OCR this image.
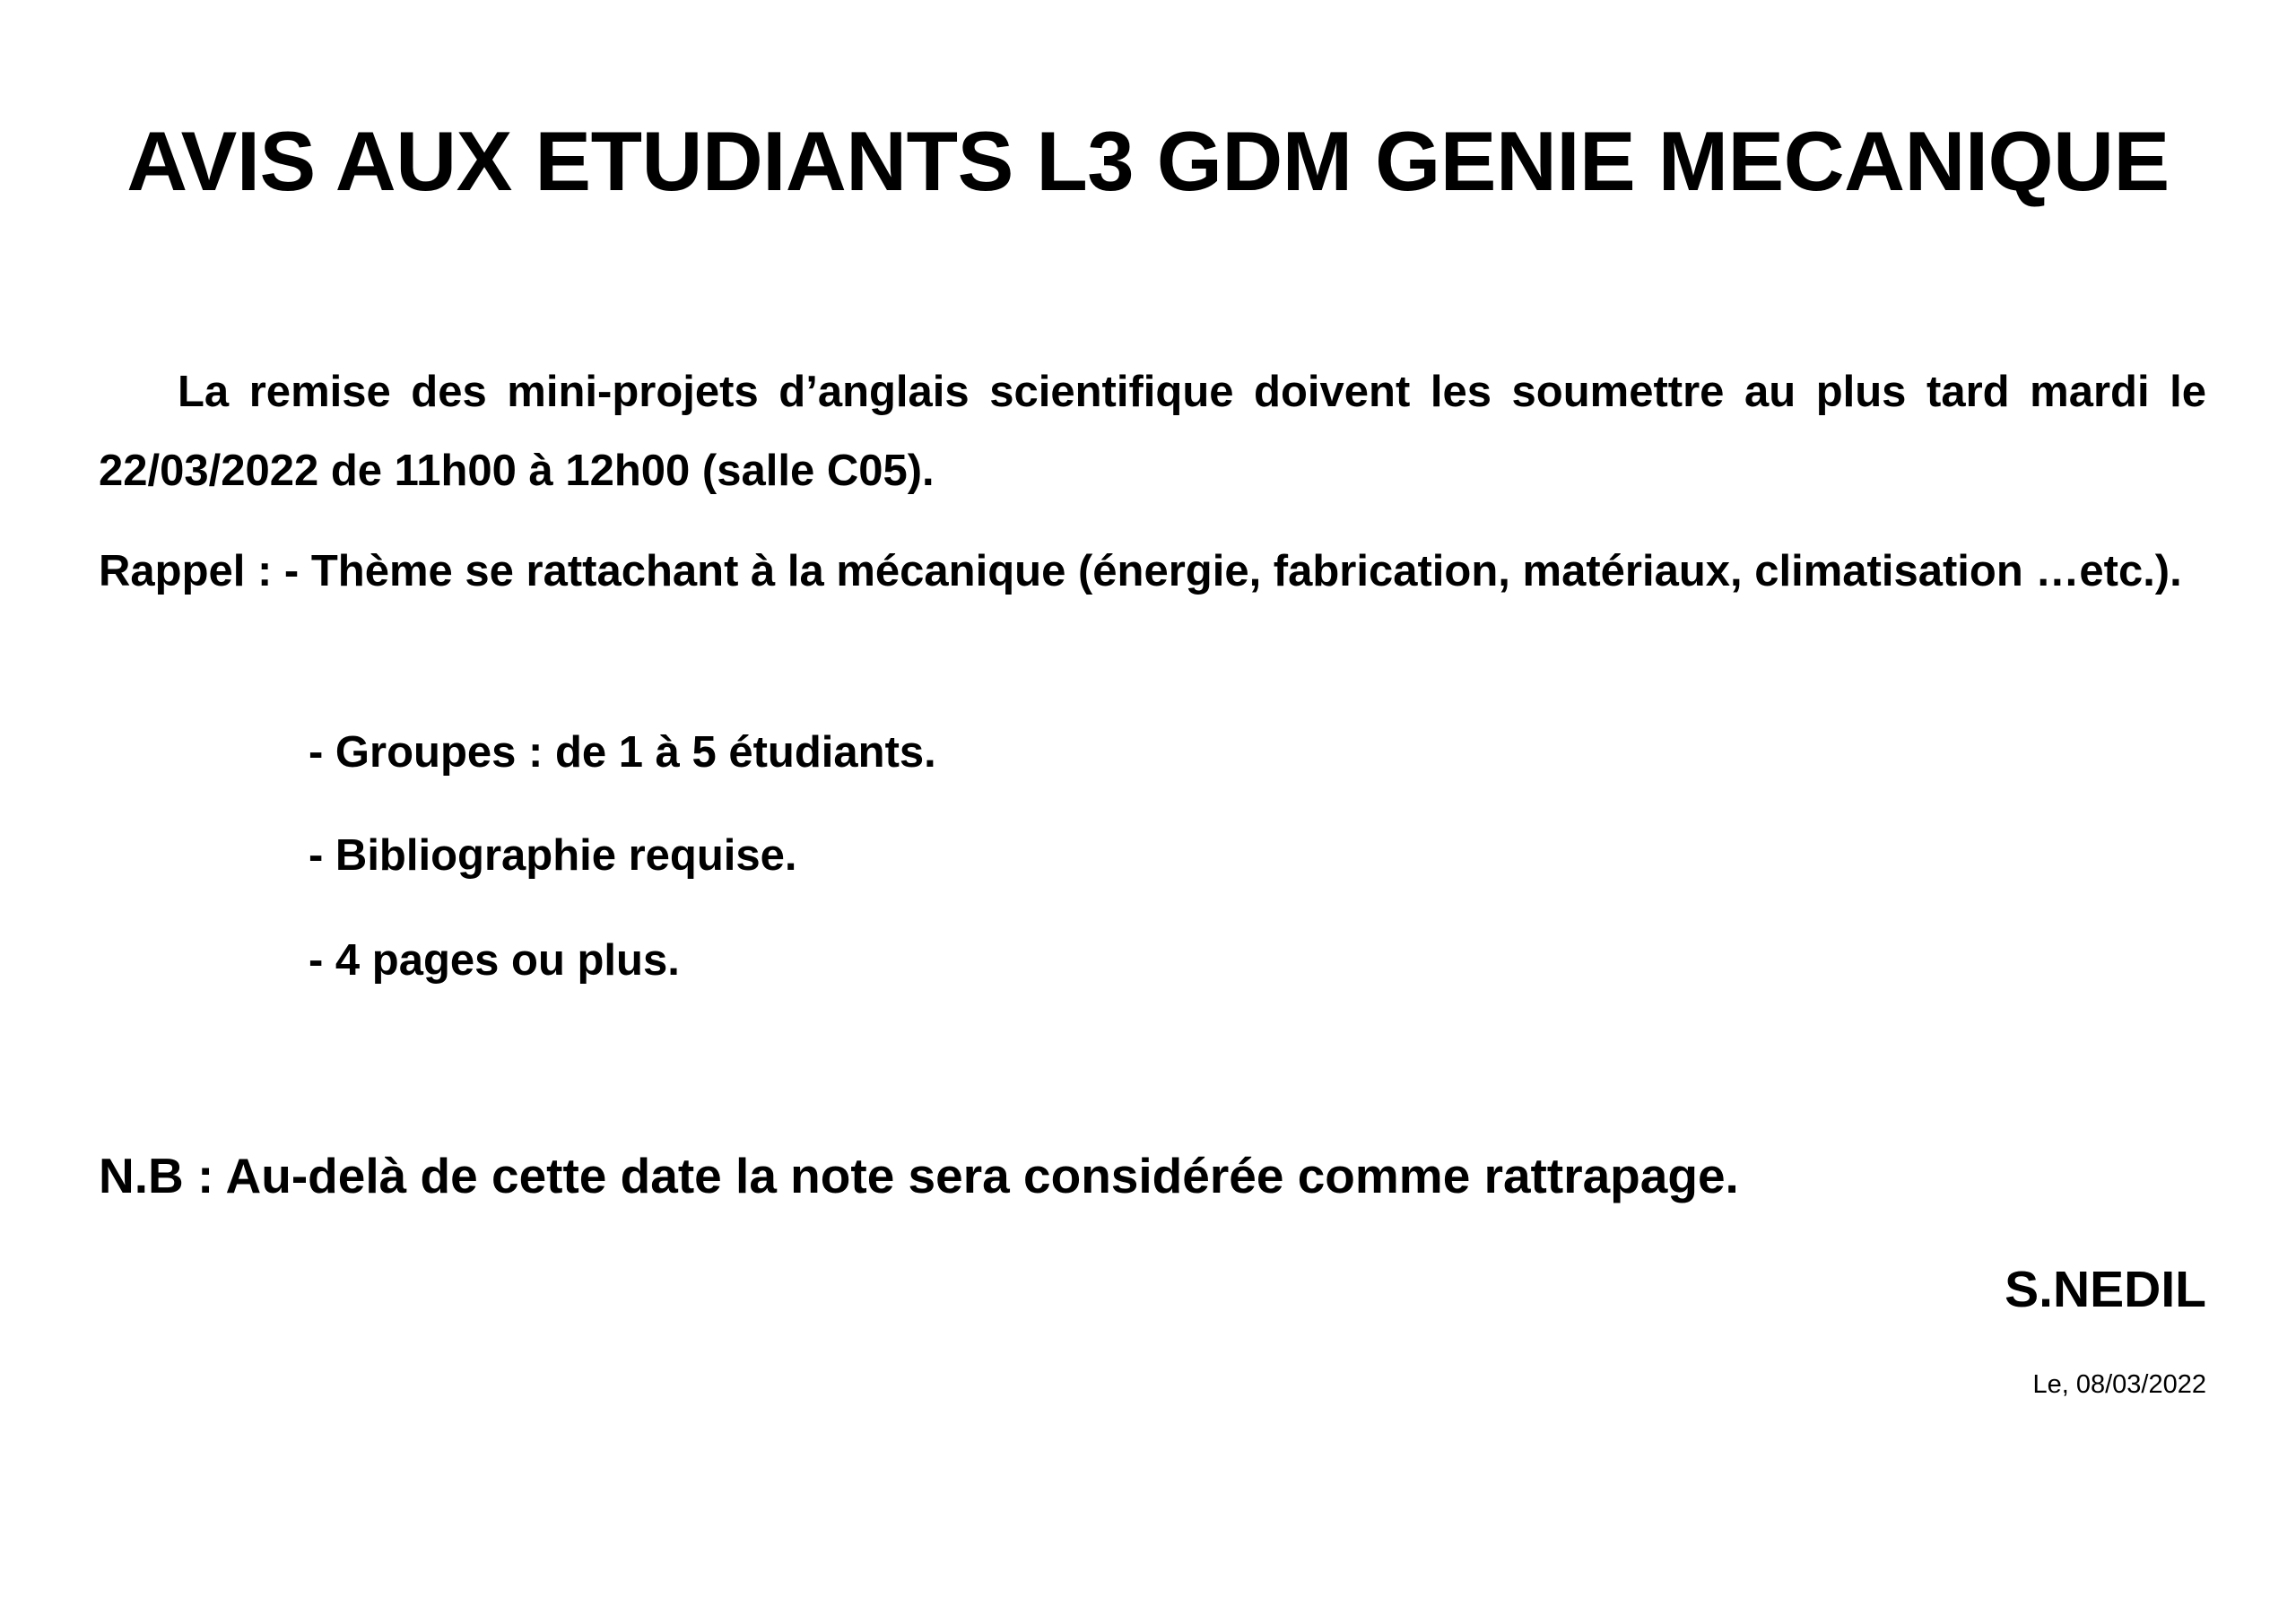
AVIS AUX ETUDIANTS L3 GDM GENIE MECANIQUE
La remise des mini-projets d’anglais scientifique doivent les soumettre au plus tard mardi le 22/03/2022 de 11h00 à 12h00 (salle C05).
Rappel : - Thème se rattachant à la mécanique (énergie, fabrication, matériaux, climatisation …etc.).
- Groupes : de 1 à 5 étudiants.
- Bibliographie requise.
- 4 pages ou plus.
N.B : Au-delà de cette date la note sera considérée comme rattrapage.
S.NEDIL
Le, 08/03/2022
